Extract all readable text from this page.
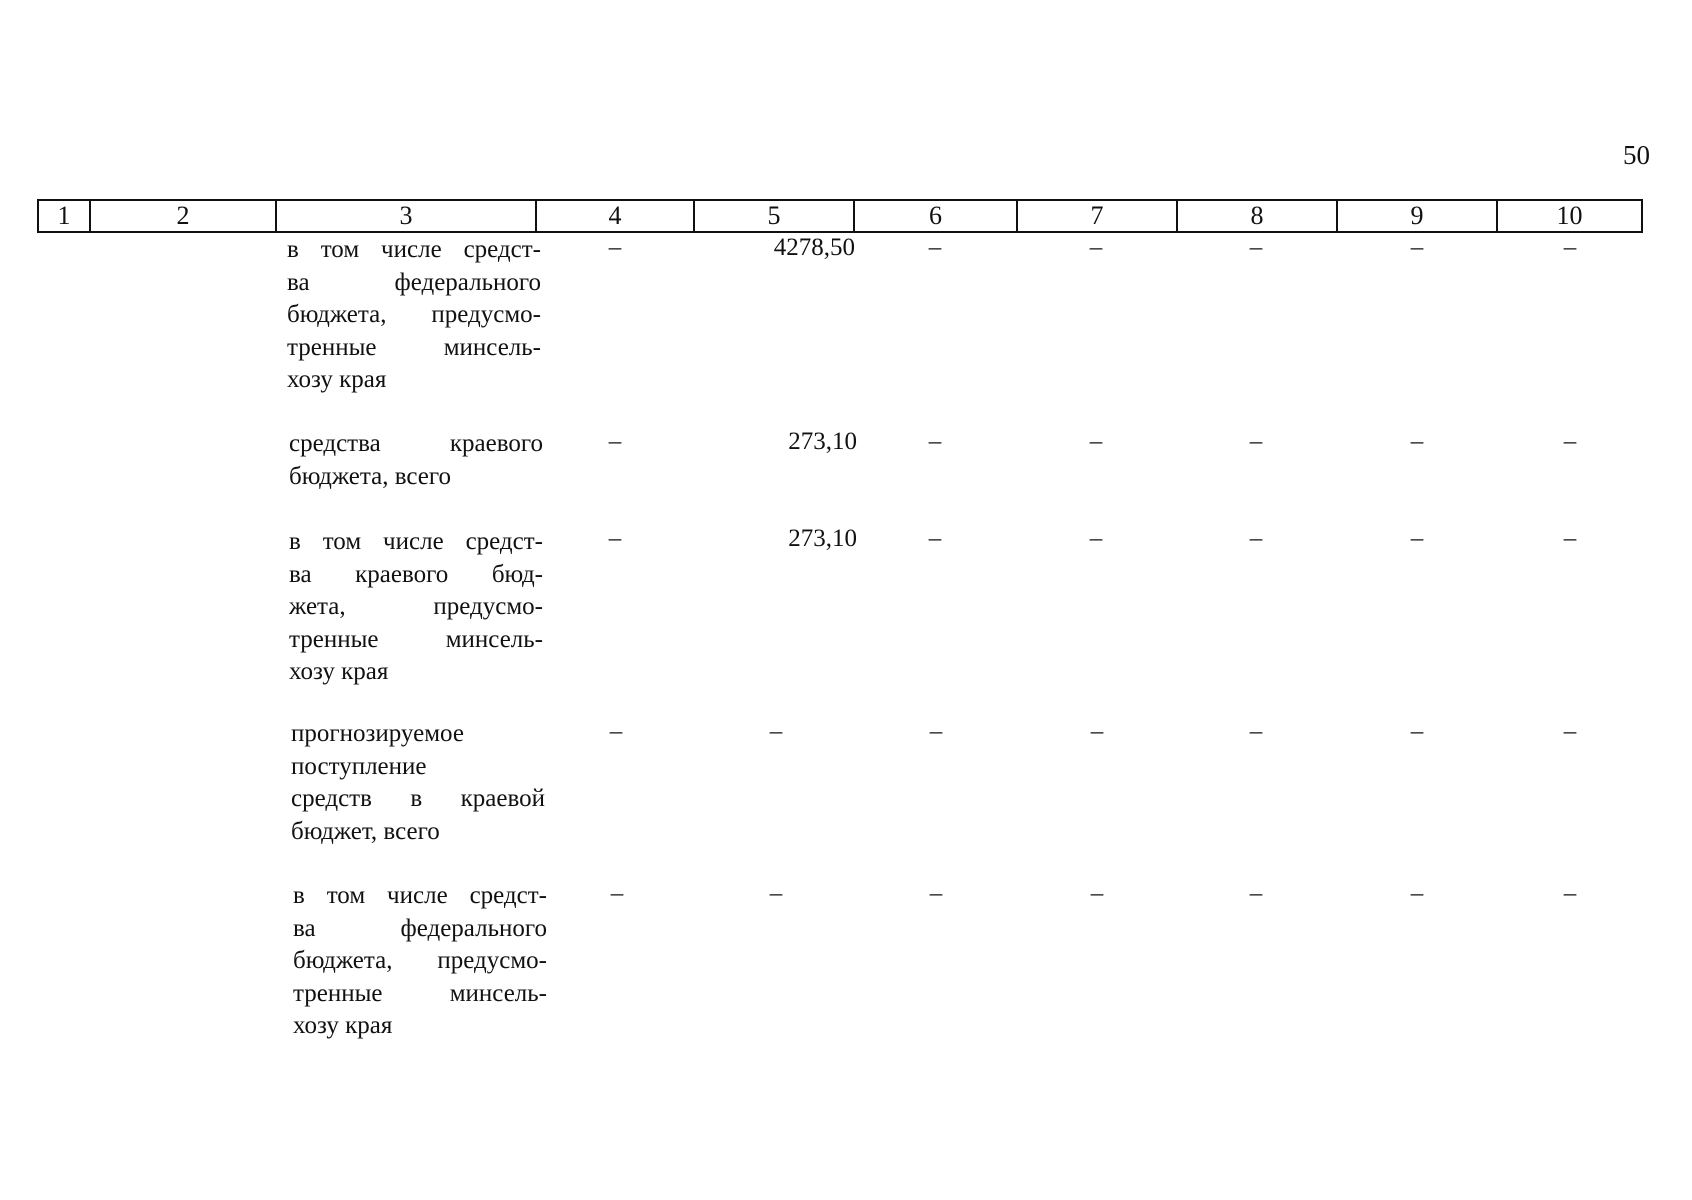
50
1	2	3	4	5	6	7	8	9	10
в том числе средст-
ва федерального
бюджета, предусмо-
тренные минсель-
хозу края
–	4278,50	–	–	–	–	–
средства краевого
бюджета, всего
–	273,10	–	–	–	–	–
в том числе средст-
ва краевого бюд-
жета, предусмо-
тренные минсель-
хозу края
–	273,10	–	–	–	–	–
прогнозируемое
поступление
средств в краевой
бюджет, всего
–	–	–	–	–	–	–
в том числе средст-
ва федерального
бюджета, предусмо-
тренные минсель-
хозу края
–	–	–	–	–	–	–
